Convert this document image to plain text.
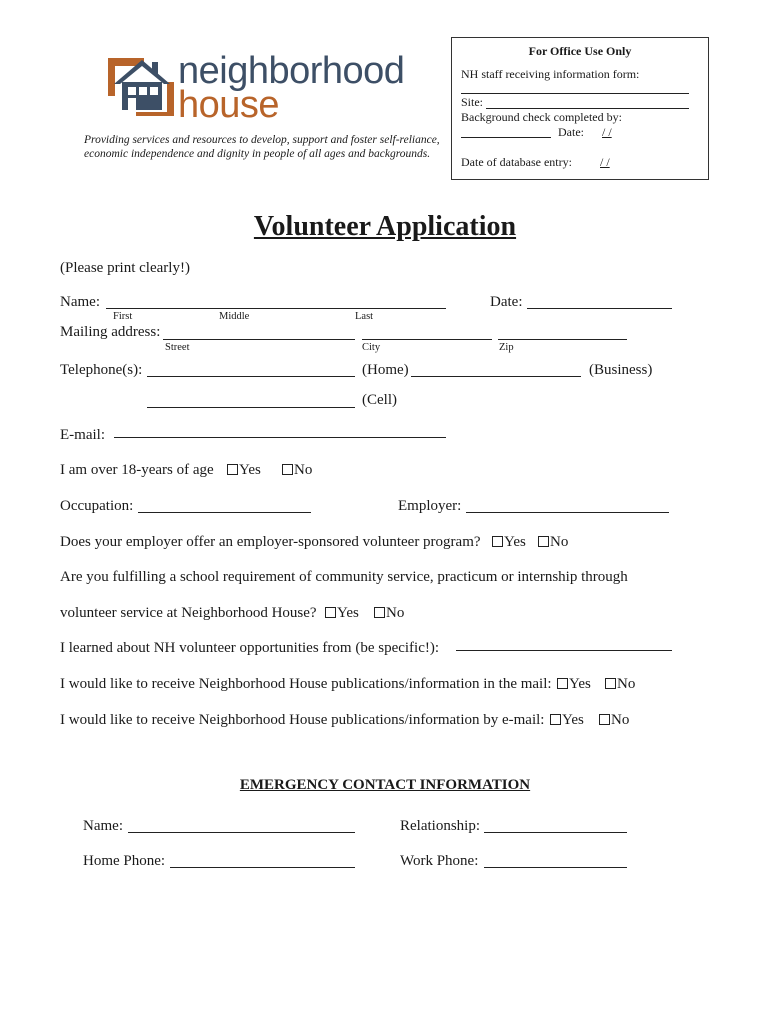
For Office Use Only
NH staff receiving information form:
Site:
Background check completed by:
Date: / /
Date of database entry: / /
neighborhood
house
Providing services and resources to develop, support and foster self-reliance,
economic independence and dignity in people of all ages and backgrounds.
Volunteer Application
(Please print clearly!)
Name:
First	Middle	Last
Date:
Mailing address:
Street	City	Zip
Telephone(s):	(Home)	(Business)
(Cell)
E-mail:
I am over 18-years of age	Yes	No
Occupation:	Employer:
Does your employer offer an employer-sponsored volunteer program?	Yes	No
Are you fulfilling a school requirement of community service, practicum or internship through
volunteer service at Neighborhood House?	Yes	No
I learned about NH volunteer opportunities from (be specific!):
I would like to receive Neighborhood House publications/information in the mail:	Yes	No
I would like to receive Neighborhood House publications/information by e-mail:	Yes	No
EMERGENCY CONTACT INFORMATION
Name:	Relationship:
Home Phone:	Work Phone:
